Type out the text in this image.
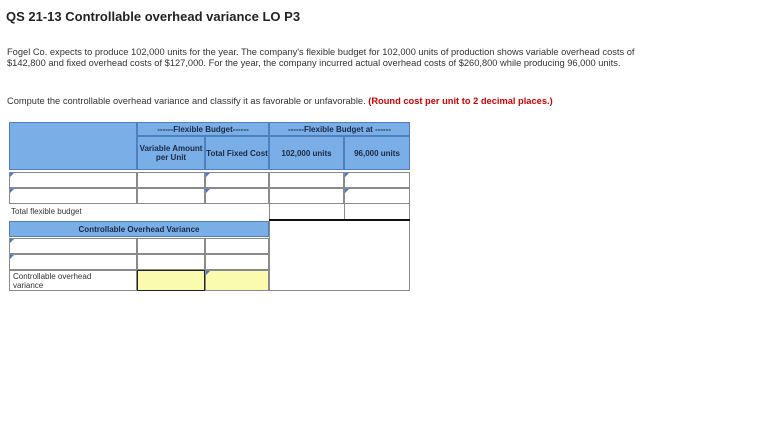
QS 21-13 Controllable overhead variance LO P3
Fogel Co. expects to produce 102,000 units for the year. The company's flexible budget for 102,000 units of production shows variable overhead costs of $142,800 and fixed overhead costs of $127,000. For the year, the company incurred actual overhead costs of $260,800 while producing 96,000 units.
Compute the controllable overhead variance and classify it as favorable or unfavorable. (Round cost per unit to 2 decimal places.)
------Flexible Budget------	------Flexible Budget at ------
Variable Amount per Unit	Total Fixed Cost	102,000 units	96,000 units
Total flexible budget
Controllable Overhead Variance
Controllable overhead variance
